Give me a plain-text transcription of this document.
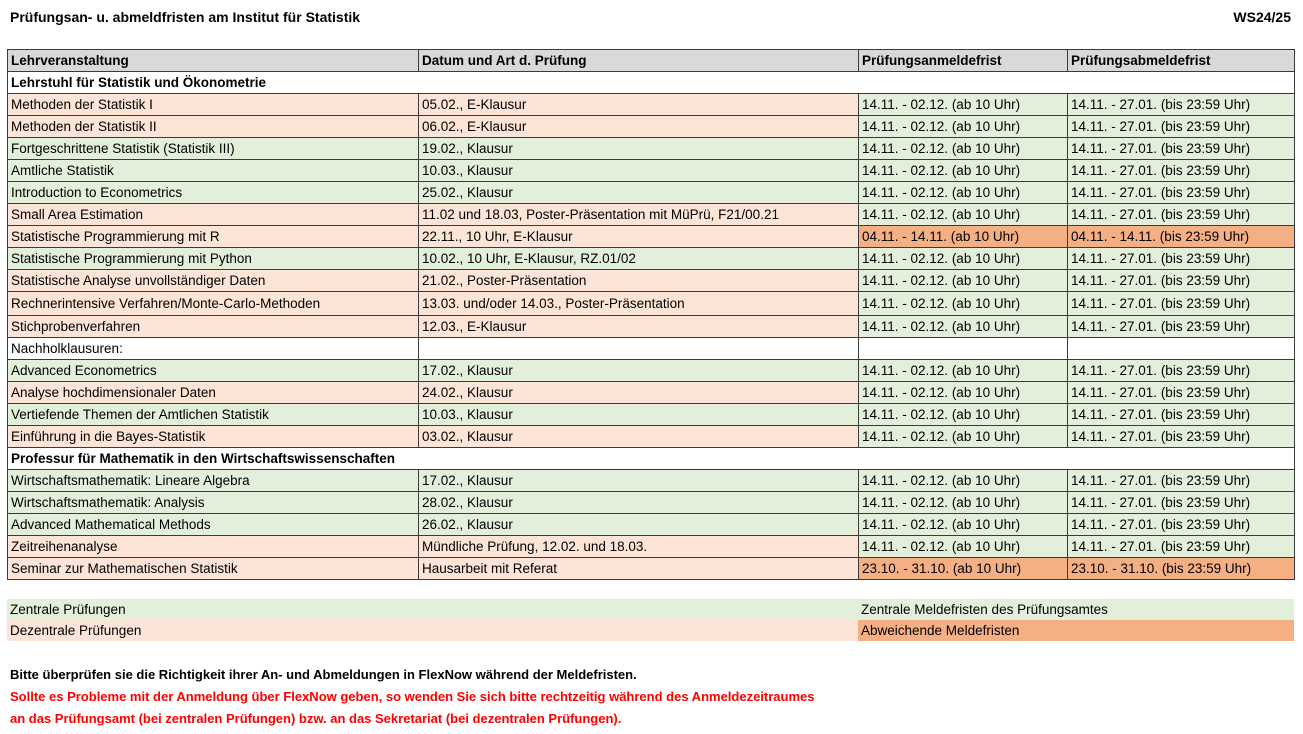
Prüfungsan- u. abmeldfristen am Institut für Statistik	WS24/25
Lehrveranstaltung	Datum und Art d. Prüfung	Prüfungsanmeldefrist	Prüfungsabmeldefrist
Lehrstuhl für Statistik und Ökonometrie			
Methoden der Statistik I	05.02., E-Klausur	14.11. - 02.12. (ab 10 Uhr)	14.11. - 27.01. (bis 23:59 Uhr)
Methoden der Statistik II	06.02., E-Klausur	14.11. - 02.12. (ab 10 Uhr)	14.11. - 27.01. (bis 23:59 Uhr)
Fortgeschrittene Statistik (Statistik III)	19.02., Klausur	14.11. - 02.12. (ab 10 Uhr)	14.11. - 27.01. (bis 23:59 Uhr)
Amtliche Statistik	10.03., Klausur	14.11. - 02.12. (ab 10 Uhr)	14.11. - 27.01. (bis 23:59 Uhr)
Introduction to Econometrics	25.02., Klausur	14.11. - 02.12. (ab 10 Uhr)	14.11. - 27.01. (bis 23:59 Uhr)
Small Area Estimation	11.02 und 18.03, Poster-Präsentation mit MüPrü, F21/00.21	14.11. - 02.12. (ab 10 Uhr)	14.11. - 27.01. (bis 23:59 Uhr)
Statistische Programmierung mit R	22.11., 10 Uhr, E-Klausur	04.11. - 14.11. (ab 10 Uhr)	04.11. - 14.11. (bis 23:59 Uhr)
Statistische Programmierung mit Python	10.02., 10 Uhr, E-Klausur, RZ.01/02	14.11. - 02.12. (ab 10 Uhr)	14.11. - 27.01. (bis 23:59 Uhr)
Statistische Analyse unvollständiger Daten	21.02., Poster-Präsentation	14.11. - 02.12. (ab 10 Uhr)	14.11. - 27.01. (bis 23:59 Uhr)
Rechnerintensive Verfahren/Monte-Carlo-Methoden	13.03. und/oder 14.03., Poster-Präsentation	14.11. - 02.12. (ab 10 Uhr)	14.11. - 27.01. (bis 23:59 Uhr)
Stichprobenverfahren	12.03., E-Klausur	14.11. - 02.12. (ab 10 Uhr)	14.11. - 27.01. (bis 23:59 Uhr)
Nachholklausuren:			
Advanced Econometrics	17.02., Klausur	14.11. - 02.12. (ab 10 Uhr)	14.11. - 27.01. (bis 23:59 Uhr)
Analyse hochdimensionaler Daten	24.02., Klausur	14.11. - 02.12. (ab 10 Uhr)	14.11. - 27.01. (bis 23:59 Uhr)
Vertiefende Themen der Amtlichen Statistik	10.03., Klausur	14.11. - 02.12. (ab 10 Uhr)	14.11. - 27.01. (bis 23:59 Uhr)
Einführung in die Bayes-Statistik	03.02., Klausur	14.11. - 02.12. (ab 10 Uhr)	14.11. - 27.01. (bis 23:59 Uhr)
Professur für Mathematik in den Wirtschaftswissenschaften			
Wirtschaftsmathematik: Lineare Algebra	17.02., Klausur	14.11. - 02.12. (ab 10 Uhr)	14.11. - 27.01. (bis 23:59 Uhr)
Wirtschaftsmathematik: Analysis	28.02., Klausur	14.11. - 02.12. (ab 10 Uhr)	14.11. - 27.01. (bis 23:59 Uhr)
Advanced Mathematical Methods	26.02., Klausur	14.11. - 02.12. (ab 10 Uhr)	14.11. - 27.01. (bis 23:59 Uhr)
Zeitreihenanalyse	Mündliche Prüfung, 12.02. und 18.03.	14.11. - 02.12. (ab 10 Uhr)	14.11. - 27.01. (bis 23:59 Uhr)
Seminar zur Mathematischen Statistik	Hausarbeit mit Referat	23.10. - 31.10. (ab 10 Uhr)	23.10. - 31.10. (bis 23:59 Uhr)
Zentrale Prüfungen		Zentrale Meldefristen des Prüfungsamtes
Dezentrale Prüfungen		Abweichende Meldefristen
Bitte überprüfen sie die Richtigkeit ihrer An- und Abmeldungen in FlexNow während der Meldefristen.
Sollte es Probleme mit der Anmeldung über FlexNow geben, so wenden Sie sich bitte rechtzeitig während des Anmeldezeitraumes
an das Prüfungsamt (bei zentralen Prüfungen) bzw. an das Sekretariat (bei dezentralen Prüfungen).
